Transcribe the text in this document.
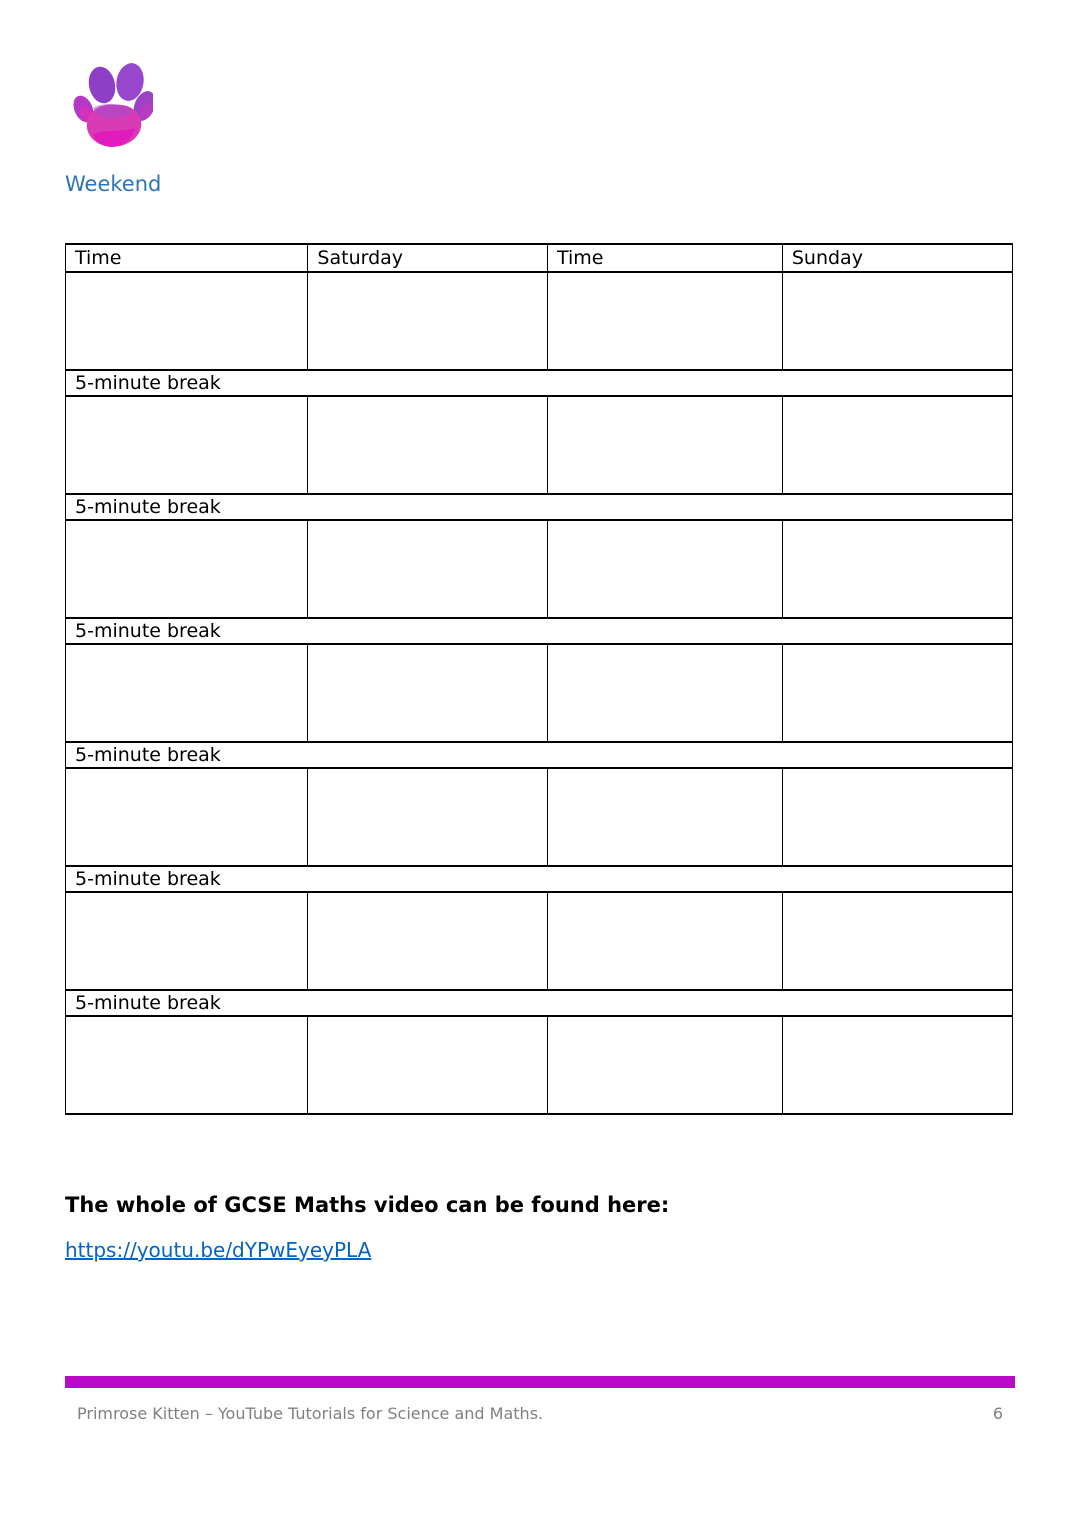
Weekend
Time	Saturday	Time	Sunday

5-minute break			

5-minute break			

5-minute break			

5-minute break			

5-minute break			

5-minute break			

The whole of GCSE Maths video can be found here:

https://youtu.be/dYPwEyeyPLA
Primrose Kitten – YouTube Tutorials for Science and Maths.	6
